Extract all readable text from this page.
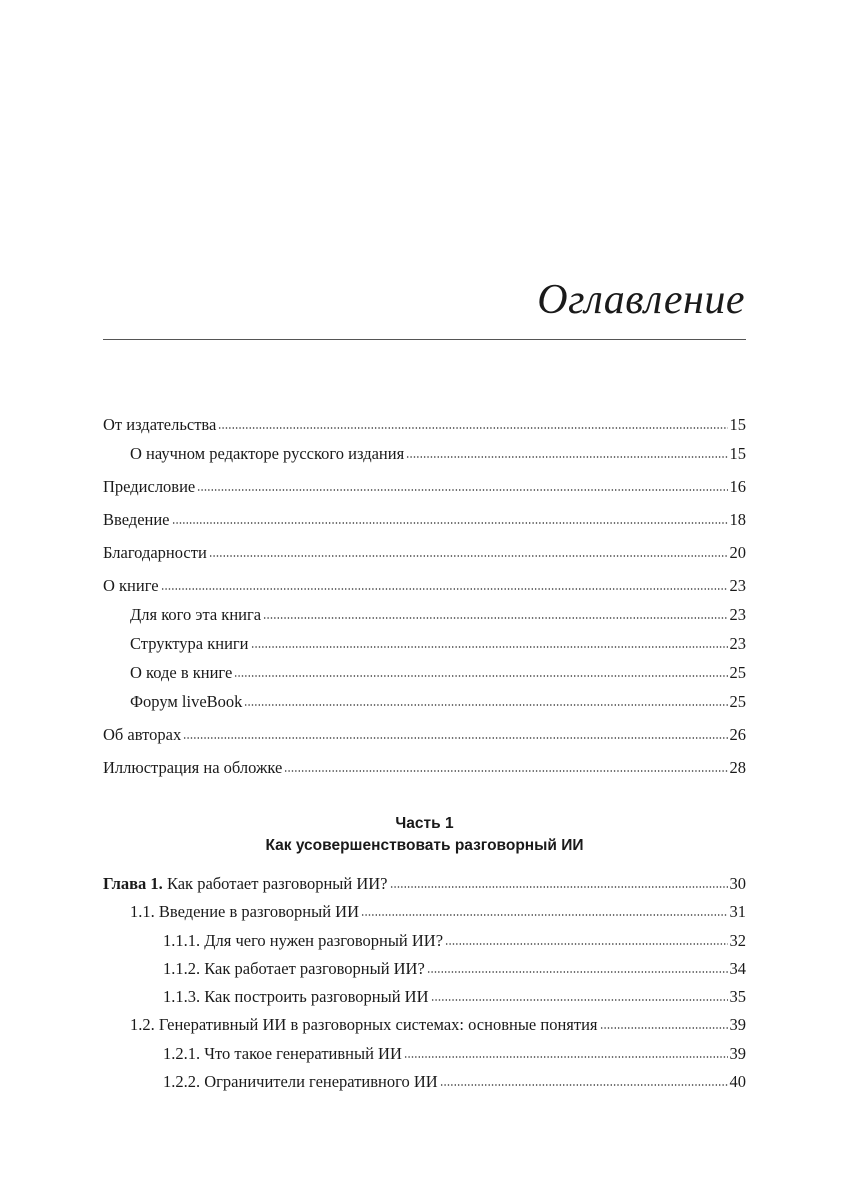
Оглавление
От издательства	15
О научном редакторе русского издания	15
Предисловие	16
Введение	18
Благодарности	20
О книге	23
Для кого эта книга	23
Структура книги	23
О коде в книге	25
Форум liveBook	25
Об авторах	26
Иллюстрация на обложке	28
Часть 1
Как усовершенствовать разговорный ИИ
Глава 1. Как работает разговорный ИИ?	30
1.1. Введение в разговорный ИИ	31
1.1.1. Для чего нужен разговорный ИИ?	32
1.1.2. Как работает разговорный ИИ?	34
1.1.3. Как построить разговорный ИИ	35
1.2. Генеративный ИИ в разговорных системах: основные понятия	39
1.2.1. Что такое генеративный ИИ	39
1.2.2. Ограничители генеративного ИИ	40
